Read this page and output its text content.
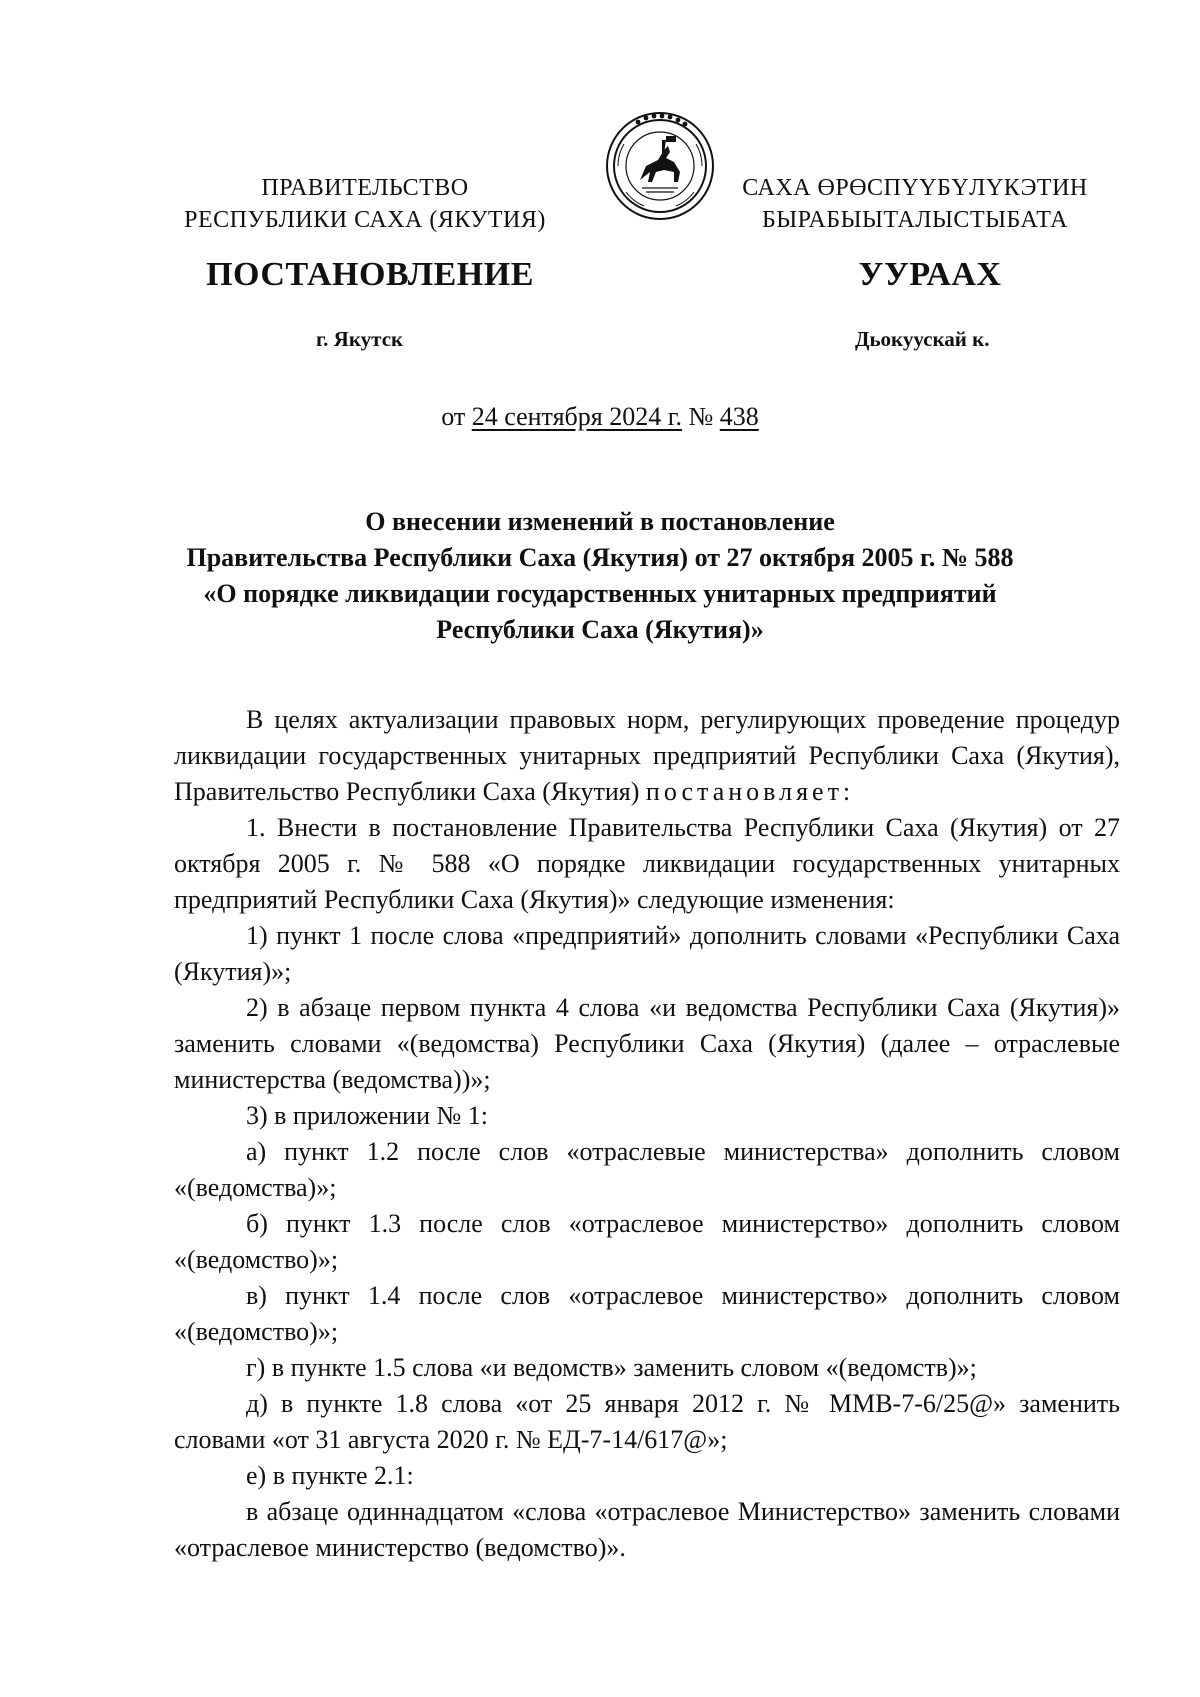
ПРАВИТЕЛЬСТВО
РЕСПУБЛИКИ САХА (ЯКУТИЯ)
САХА ӨРӨСПҮҮБҮЛҮКЭТИН
БЫРАБЫЫТАЛЫСТЫБАТА
ПОСТАНОВЛЕНИЕ	УУРААХ
г. Якутск	Дьокуускай к.
от 24 сентября 2024 г. № 438
О внесении изменений в постановление
Правительства Республики Саха (Якутия) от 27 октября 2005 г. № 588
«О порядке ликвидации государственных унитарных предприятий
Республики Саха (Якутия)»

В целях актуализации правовых норм, регулирующих проведение процедур ликвидации государственных унитарных предприятий Республики Саха (Якутия), Правительство Республики Саха (Якутия) постановляет:

1. Внести в постановление Правительства Республики Саха (Якутия) от 27 октября 2005 г. № 588 «О порядке ликвидации государственных унитарных предприятий Республики Саха (Якутия)» следующие изменения:

1) пункт 1 после слова «предприятий» дополнить словами «Республики Саха (Якутия)»;

2) в абзаце первом пункта 4 слова «и ведомства Республики Саха (Якутия)» заменить словами «(ведомства) Республики Саха (Якутия) (далее – отраслевые министерства (ведомства))»;

3) в приложении № 1:

а) пункт 1.2 после слов «отраслевые министерства» дополнить словом «(ведомства)»;

б) пункт 1.3 после слов «отраслевое министерство» дополнить словом «(ведомство)»;

в) пункт 1.4 после слов «отраслевое министерство» дополнить словом «(ведомство)»;

г) в пункте 1.5 слова «и ведомств» заменить словом «(ведомств)»;

д) в пункте 1.8 слова «от 25 января 2012 г. № ММВ-7-6/25@» заменить словами «от 31 августа 2020 г. № ЕД-7-14/617@»;

е) в пункте 2.1:

в абзаце одиннадцатом «слова «отраслевое Министерство» заменить словами «отраслевое министерство (ведомство)».
